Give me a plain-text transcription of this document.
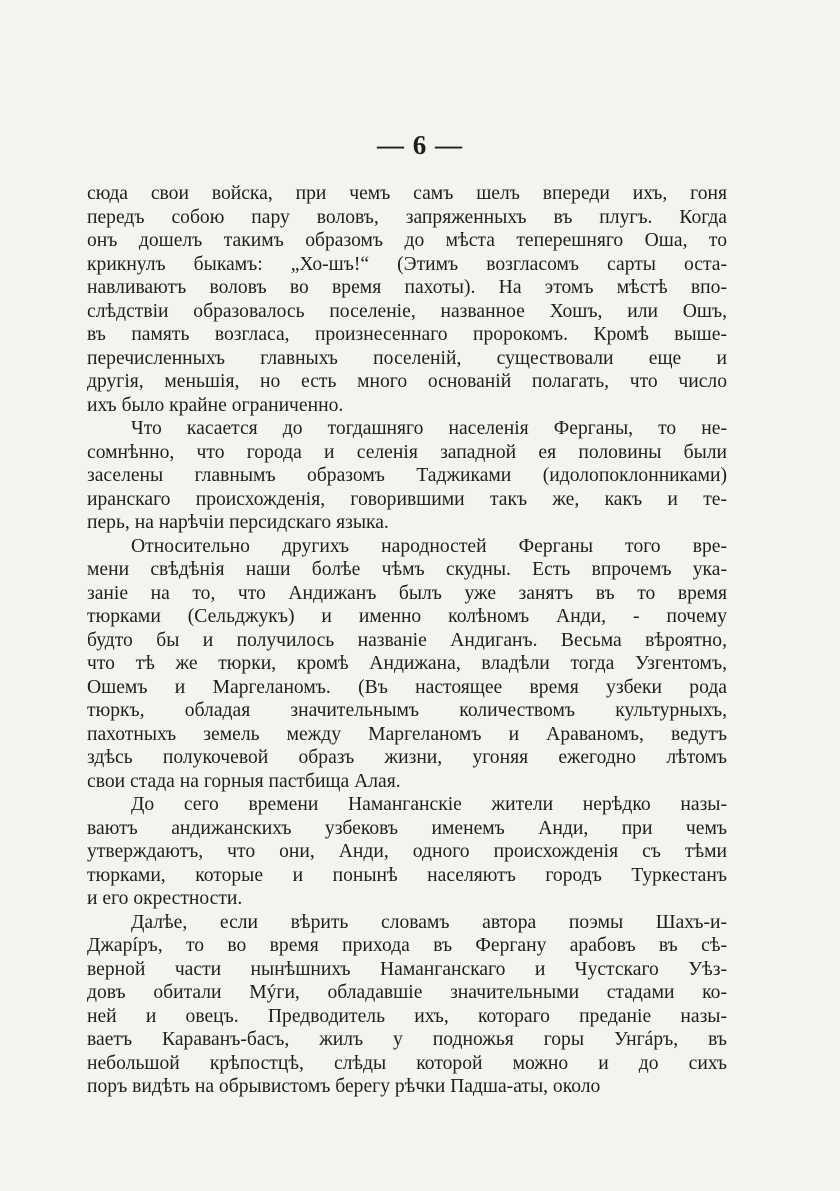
— 6 —
сюда свои войска, при чемъ самъ шелъ впереди ихъ, гоня
передъ собою пару воловъ, запряженныхъ въ плугъ. Когда
онъ дошелъ такимъ образомъ до мѣста теперешняго Оша, то
крикнулъ быкамъ: „Хо-шъ!“ (Этимъ возгласомъ сарты оста-
навливаютъ воловъ во время пахоты). На этомъ мѣстѣ впо-
слѣдствіи образовалось поселеніе, названное Хошъ, или Ошъ,
въ память возгласа, произнесеннаго пророкомъ. Кромѣ выше-
перечисленныхъ главныхъ поселеній, существовали еще и
другія, меньшія, но есть много основаній полагать, что число
ихъ было крайне ограниченно.
Что касается до тогдашняго населенія Ферганы, то не-
сомнѣнно, что города и селенія западной ея половины были
заселены главнымъ образомъ Таджиками (идолопоклонниками)
иранскаго происхожденія, говорившими такъ же, какъ и те-
перь, на нарѣчіи персидскаго языка.
Относительно другихъ народностей Ферганы того вре-
мени свѣдѣнія наши болѣе чѣмъ скудны. Есть впрочемъ ука-
заніе на то, что Андижанъ былъ уже занятъ въ то время
тюрками (Сельджукъ) и именно колѣномъ Анди, - почему
будто бы и получилось названіе Андиганъ. Весьма вѣроятно,
что тѣ же тюрки, кромѣ Андижана, владѣли тогда Узгентомъ,
Ошемъ и Маргеланомъ. (Въ настоящее время узбеки рода
тюркъ, обладая значительнымъ количествомъ культурныхъ,
пахотныхъ земель между Маргеланомъ и Араваномъ, ведутъ
здѣсь полукочевой образъ жизни, угоняя ежегодно лѣтомъ
свои стада на горныя пастбища Алая.
До сего времени Наманганскіе жители нерѣдко назы-
ваютъ андижанскихъ узбековъ именемъ Анди, при чемъ
утверждаютъ, что они, Анди, одного происхожденія съ тѣми
тюрками, которые и понынѣ населяютъ городъ Туркестанъ
и его окрестности.
Далѣе, если вѣрить словамъ автора поэмы Шахъ-и-
Джарíръ, то во время прихода въ Фергану арабовъ въ сѣ-
верной части нынѣшнихъ Наманганскаго и Чустскаго Уѣз-
довъ обитали Мýги, обладавшіе значительными стадами ко-
ней и овецъ. Предводитель ихъ, котораго преданіе назы-
ваетъ Караванъ-басъ, жилъ у подножья горы Унгáръ, въ
небольшой крѣпостцѣ, слѣды которой можно и до сихъ
поръ видѣть на обрывистомъ берегу рѣчки Падша-аты, около
